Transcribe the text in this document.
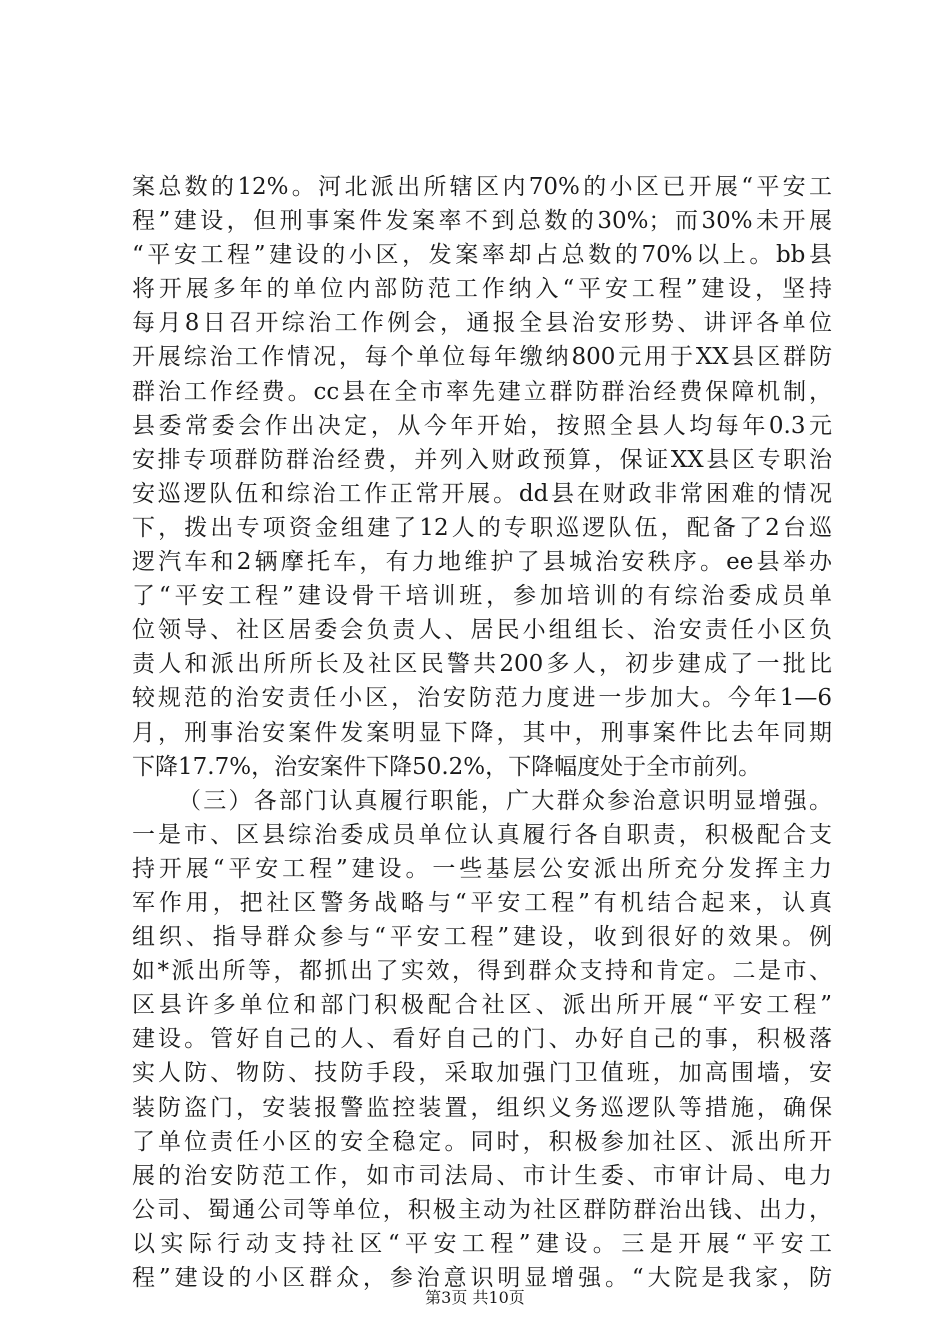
案总数的12%。河北派出所辖区内70%的小区已开展“平安工
程”建设，但刑事案件发案率不到总数的30%；而30%未开展
“平安工程”建设的小区，发案率却占总数的70%以上。bb县
将开展多年的单位内部防范工作纳入“平安工程”建设，坚持
每月8日召开综治工作例会，通报全县治安形势、讲评各单位
开展综治工作情况，每个单位每年缴纳800元用于XX县区群防
群治工作经费。cc县在全市率先建立群防群治经费保障机制，
县委常委会作出决定，从今年开始，按照全县人均每年0.3元
安排专项群防群治经费，并列入财政预算，保证XX县区专职治
安巡逻队伍和综治工作正常开展。dd县在财政非常困难的情况
下，拨出专项资金组建了12人的专职巡逻队伍，配备了2台巡
逻汽车和2辆摩托车，有力地维护了县城治安秩序。ee县举办
了“平安工程”建设骨干培训班，参加培训的有综治委成员单
位领导、社区居委会负责人、居民小组组长、治安责任小区负
责人和派出所所长及社区民警共200多人，初步建成了一批比
较规范的治安责任小区，治安防范力度进一步加大。今年1—6
月，刑事治安案件发案明显下降，其中，刑事案件比去年同期
下降17.7%，治安案件下降50.2%，下降幅度处于全市前列。
（三）各部门认真履行职能，广大群众参治意识明显增强。
一是市、区县综治委成员单位认真履行各自职责，积极配合支
持开展“平安工程”建设。一些基层公安派出所充分发挥主力
军作用，把社区警务战略与“平安工程”有机结合起来，认真
组织、指导群众参与“平安工程”建设，收到很好的效果。例
如*派出所等，都抓出了实效，得到群众支持和肯定。二是市、
区县许多单位和部门积极配合社区、派出所开展“平安工程”
建设。管好自己的人、看好自己的门、办好自己的事，积极落
实人防、物防、技防手段，采取加强门卫值班，加高围墙，安
装防盗门，安装报警监控装置，组织义务巡逻队等措施，确保
了单位责任小区的安全稳定。同时，积极参加社区、派出所开
展的治安防范工作，如市司法局、市计生委、市审计局、电力
公司、蜀通公司等单位，积极主动为社区群防群治出钱、出力，
以实际行动支持社区“平安工程”建设。三是开展“平安工
程”建设的小区群众，参治意识明显增强。“大院是我家，防
第3页 共10页
